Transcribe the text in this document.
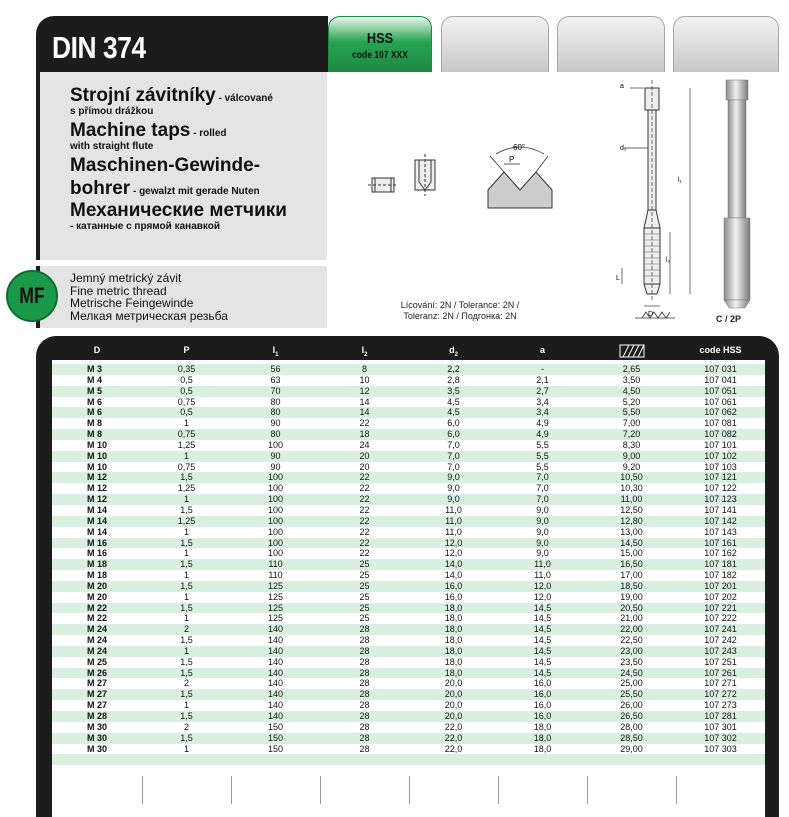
DIN 374	HSS
code 107 XXX
Strojní závitníky - válcované
s přímou drážkou
Machine taps - rolled
with straight flute
Maschinen-Gewinde-
bohrer - gewalzt mit gerade Nuten
Механические метчики
- катанные с прямой канавкой
MF
Jemný metrický závit
Fine metric thread
Metrische Feingewinde
Мелкая метрическая резьба
60°
P
a
d₂
l₁
l₂
L
D
Lícování: 2N / Tolerance: 2N /
Toleranz: 2N / Подгонка: 2N	C / 2P
D	P	$l_1$	$l_2$	$d_2$	a	code HSS
M 3	0,35	56	8	2,2	-	2,65	107 031
M 4	0,5	63	10	2,8	2,1	3,50	107 041
M 5	0,5	70	12	3,5	2,7	4,50	107 051
M 6	0,75	80	14	4,5	3,4	5,20	107 061
M 6	0,5	80	14	4,5	3,4	5,50	107 062
M 8	1	90	22	6,0	4,9	7,00	107 081
M 8	0,75	80	18	6,0	4,9	7,20	107 082
M 10	1,25	100	24	7,0	5,5	8,30	107 101
M 10	1	90	20	7,0	5,5	9,00	107 102
M 10	0,75	90	20	7,0	5,5	9,20	107 103
M 12	1,5	100	22	9,0	7,0	10,50	107 121
M 12	1,25	100	22	9,0	7,0	10,30	107 122
M 12	1	100	22	9,0	7,0	11,00	107 123
M 14	1,5	100	22	11,0	9,0	12,50	107 141
M 14	1,25	100	22	11,0	9,0	12,80	107 142
M 14	1	100	22	11,0	9,0	13,00	107 143
M 16	1,5	100	22	12,0	9,0	14,50	107 161
M 16	1	100	22	12,0	9,0	15,00	107 162
M 18	1,5	110	25	14,0	11,0	16,50	107 181
M 18	1	110	25	14,0	11,0	17,00	107 182
M 20	1,5	125	25	16,0	12,0	18,50	107 201
M 20	1	125	25	16,0	12,0	19,00	107 202
M 22	1,5	125	25	18,0	14,5	20,50	107 221
M 22	1	125	25	18,0	14,5	21,00	107 222
M 24	2	140	28	18,0	14,5	22,00	107 241
M 24	1,5	140	28	18,0	14,5	22,50	107 242
M 24	1	140	28	18,0	14,5	23,00	107 243
M 25	1,5	140	28	18,0	14,5	23,50	107 251
M 26	1,5	140	28	18,0	14,5	24,50	107 261
M 27	2	140	28	20,0	16,0	25,00	107 271
M 27	1,5	140	28	20,0	16,0	25,50	107 272
M 27	1	140	28	20,0	16,0	26,00	107 273
M 28	1,5	140	28	20,0	16,0	26,50	107 281
M 30	2	150	28	22,0	18,0	28,00	107 301
M 30	1,5	150	28	22,0	18,0	28,50	107 302
M 30	1	150	28	22,0	18,0	29,00	107 303
